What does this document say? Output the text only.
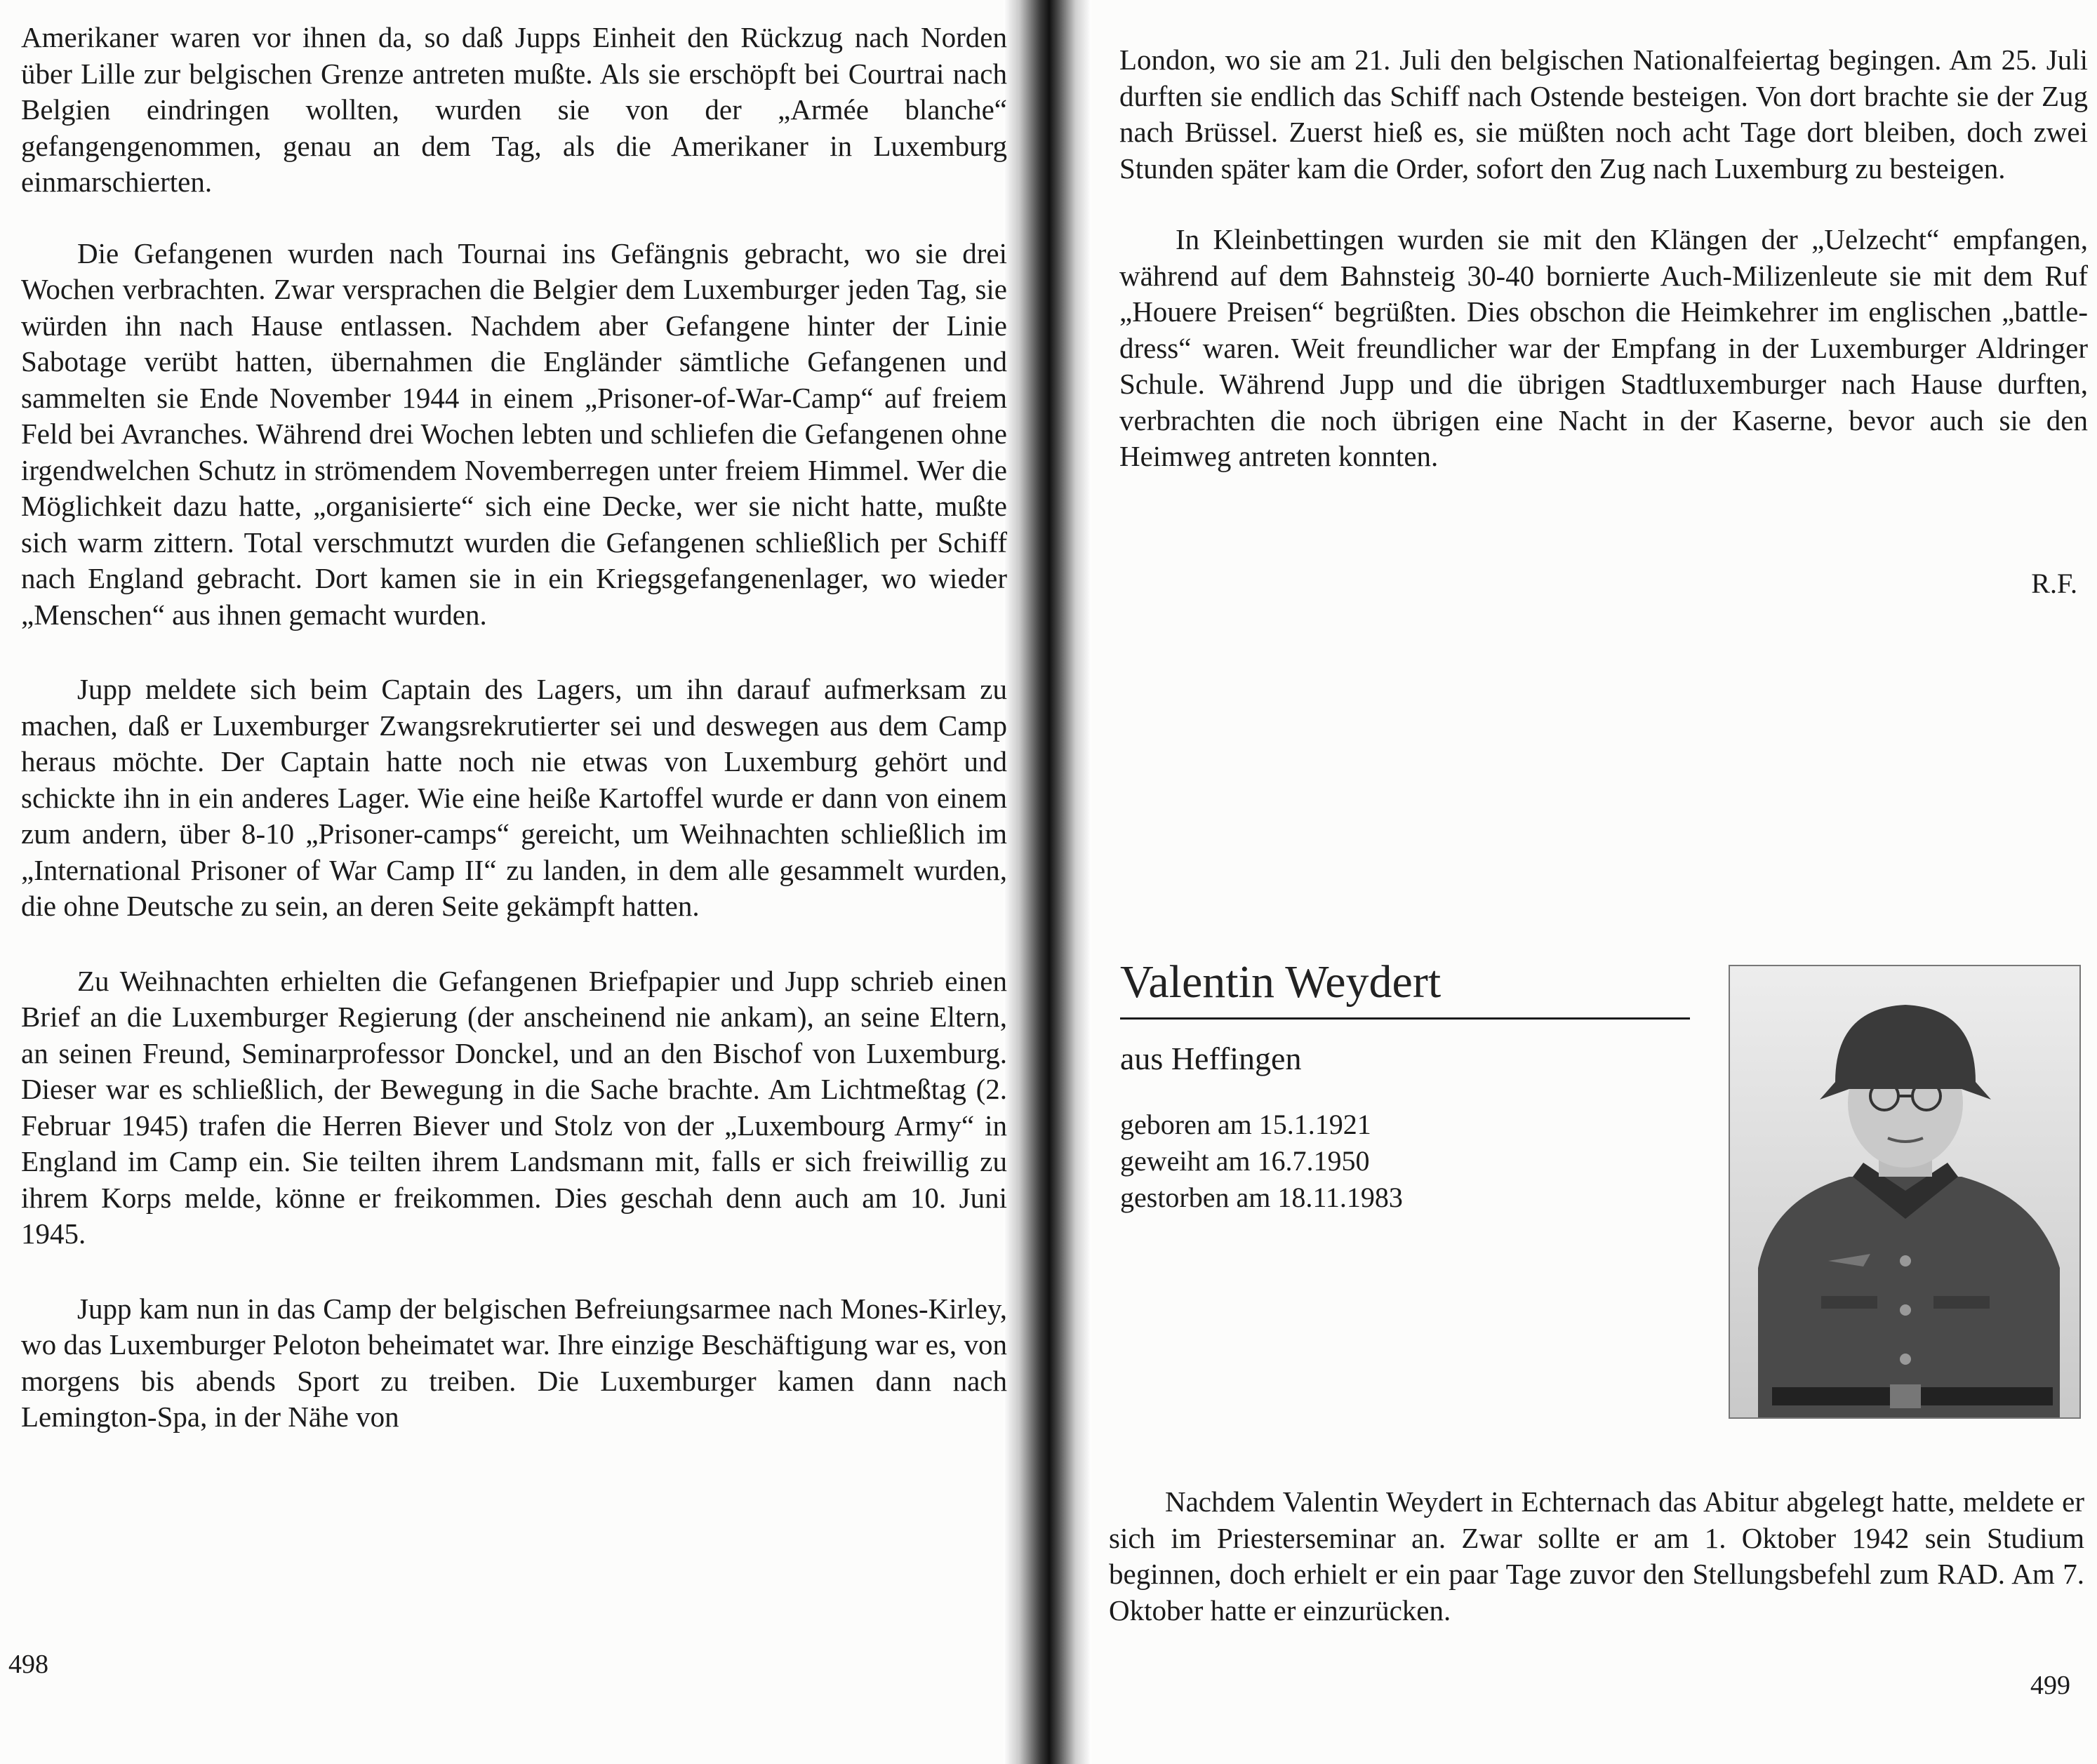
Amerikaner waren vor ihnen da, so daß Jupps Einheit den Rückzug nach Norden über Lille zur belgischen Grenze antreten mußte. Als sie erschöpft bei Courtrai nach Belgien eindringen wollten, wurden sie von der „Armée blanche“ gefangengenommen, genau an dem Tag, als die Amerikaner in Luxemburg einmarschierten.

Die Gefangenen wurden nach Tournai ins Gefängnis gebracht, wo sie drei Wochen verbrachten. Zwar versprachen die Belgier dem Luxemburger jeden Tag, sie würden ihn nach Hause entlassen. Nachdem aber Gefangene hinter der Linie Sabotage verübt hatten, übernahmen die Engländer sämtliche Gefangenen und sammelten sie Ende November 1944 in einem „Prisoner-of-War-Camp“ auf freiem Feld bei Avranches. Während drei Wochen lebten und schliefen die Gefangenen ohne irgendwelchen Schutz in strömendem Novemberregen unter freiem Himmel. Wer die Möglichkeit dazu hatte, „organisierte“ sich eine Decke, wer sie nicht hatte, mußte sich warm zittern. Total verschmutzt wurden die Gefangenen schließlich per Schiff nach England gebracht. Dort kamen sie in ein Kriegsgefangenenlager, wo wieder „Menschen“ aus ihnen gemacht wurden.

Jupp meldete sich beim Captain des Lagers, um ihn darauf aufmerksam zu machen, daß er Luxemburger Zwangsrekrutierter sei und deswegen aus dem Camp heraus möchte. Der Captain hatte noch nie etwas von Luxemburg gehört und schickte ihn in ein anderes Lager. Wie eine heiße Kartoffel wurde er dann von einem zum andern, über 8-10 „Prisoner-camps“ gereicht, um Weihnachten schließlich im „International Prisoner of War Camp II“ zu landen, in dem alle gesammelt wurden, die ohne Deutsche zu sein, an deren Seite gekämpft hatten.

Zu Weihnachten erhielten die Gefangenen Briefpapier und Jupp schrieb einen Brief an die Luxemburger Regierung (der anscheinend nie ankam), an seine Eltern, an seinen Freund, Seminarprofessor Donckel, und an den Bischof von Luxemburg. Dieser war es schließlich, der Bewegung in die Sache brachte. Am Lichtmeßtag (2. Februar 1945) trafen die Herren Biever und Stolz von der „Luxembourg Army“ in England im Camp ein. Sie teilten ihrem Landsmann mit, falls er sich freiwillig zu ihrem Korps melde, könne er freikommen. Dies geschah denn auch am 10. Juni 1945.

Jupp kam nun in das Camp der belgischen Befreiungsarmee nach Mones-Kirley, wo das Luxemburger Peloton beheimatet war. Ihre einzige Beschäftigung war es, von morgens bis abends Sport zu treiben. Die Luxemburger kamen dann nach Lemington-Spa, in der Nähe von

498

London, wo sie am 21. Juli den belgischen Nationalfeiertag begingen. Am 25. Juli durften sie endlich das Schiff nach Ostende besteigen. Von dort brachte sie der Zug nach Brüssel. Zuerst hieß es, sie müßten noch acht Tage dort bleiben, doch zwei Stunden später kam die Order, sofort den Zug nach Luxemburg zu besteigen.

In Kleinbettingen wurden sie mit den Klängen der „Uelzecht“ empfangen, während auf dem Bahnsteig 30-40 bornierte Auch-Milizenleute sie mit dem Ruf „Houere Preisen“ begrüßten. Dies obschon die Heimkehrer im englischen „battle-dress“ waren. Weit freundlicher war der Empfang in der Luxemburger Aldringer Schule. Während Jupp und die übrigen Stadtluxemburger nach Hause durften, verbrachten die noch übrigen eine Nacht in der Kaserne, bevor auch sie den Heimweg antreten konnten.

R.F.

Valentin Weydert

aus Heffingen

geboren am 15.1.1921

geweiht am 16.7.1950

gestorben am 18.11.1983

Nachdem Valentin Weydert in Echternach das Abitur abgelegt hatte, meldete er sich im Priesterseminar an. Zwar sollte er am 1. Oktober 1942 sein Studium beginnen, doch erhielt er ein paar Tage zuvor den Stellungsbefehl zum RAD. Am 7. Oktober hatte er einzurücken.

499
